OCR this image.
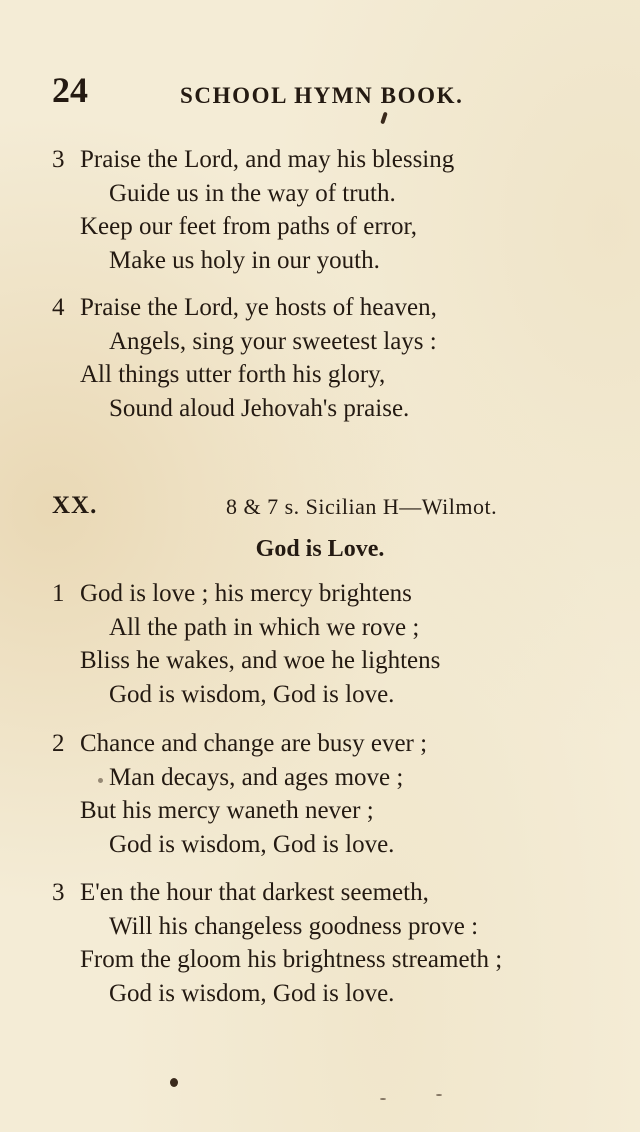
24	SCHOOL HYMN BOOK.
3 Praise the Lord, and may his blessing
Guide us in the way of truth.
Keep our feet from paths of error,
Make us holy in our youth.
4 Praise the Lord, ye hosts of heaven,
Angels, sing your sweetest lays :
All things utter forth his glory,
Sound aloud Jehovah's praise.
XX.	8 & 7 s. Sicilian H—Wilmot.
God is Love.
1 God is love ; his mercy brightens
All the path in which we rove ;
Bliss he wakes, and woe he lightens
God is wisdom, God is love.
2 Chance and change are busy ever ;
Man decays, and ages move ;
But his mercy waneth never ;
God is wisdom, God is love.
3 E'en the hour that darkest seemeth,
Will his changeless goodness prove :
From the gloom his brightness streameth ;
God is wisdom, God is love.
